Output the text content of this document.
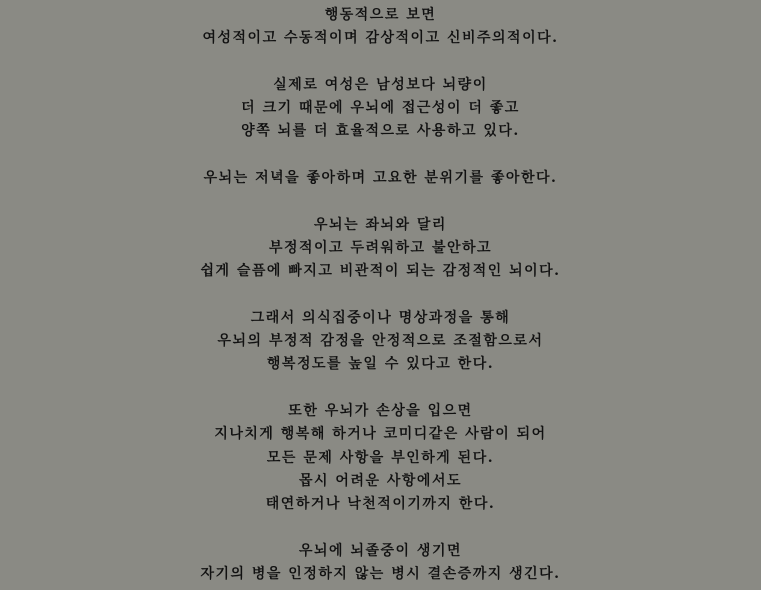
행동적으로 보면
여성적이고 수동적이며 감상적이고 신비주의적이다.
실제로 여성은 남성보다 뇌량이
더 크기 때문에 우뇌에 접근성이 더 좋고
양쪽 뇌를 더 효율적으로 사용하고 있다.
우뇌는 저녁을 좋아하며 고요한 분위기를 좋아한다.
우뇌는 좌뇌와 달리
부정적이고 두려워하고 불안하고
쉽게 슬픔에 빠지고 비관적이 되는 감정적인 뇌이다.
그래서 의식집중이나 명상과정을 통해
우뇌의 부정적 감정을 안정적으로 조절함으로서
행복정도를 높일 수 있다고 한다.
또한 우뇌가 손상을 입으면
지나치게 행복해 하거나 코미디같은 사람이 되어
모든 문제 사항을 부인하게 된다.
몹시 어려운 사항에서도
태연하거나 낙천적이기까지 한다.
우뇌에 뇌졸중이 생기면
자기의 병을 인정하지 않는 병시 결손증까지 생긴다.
